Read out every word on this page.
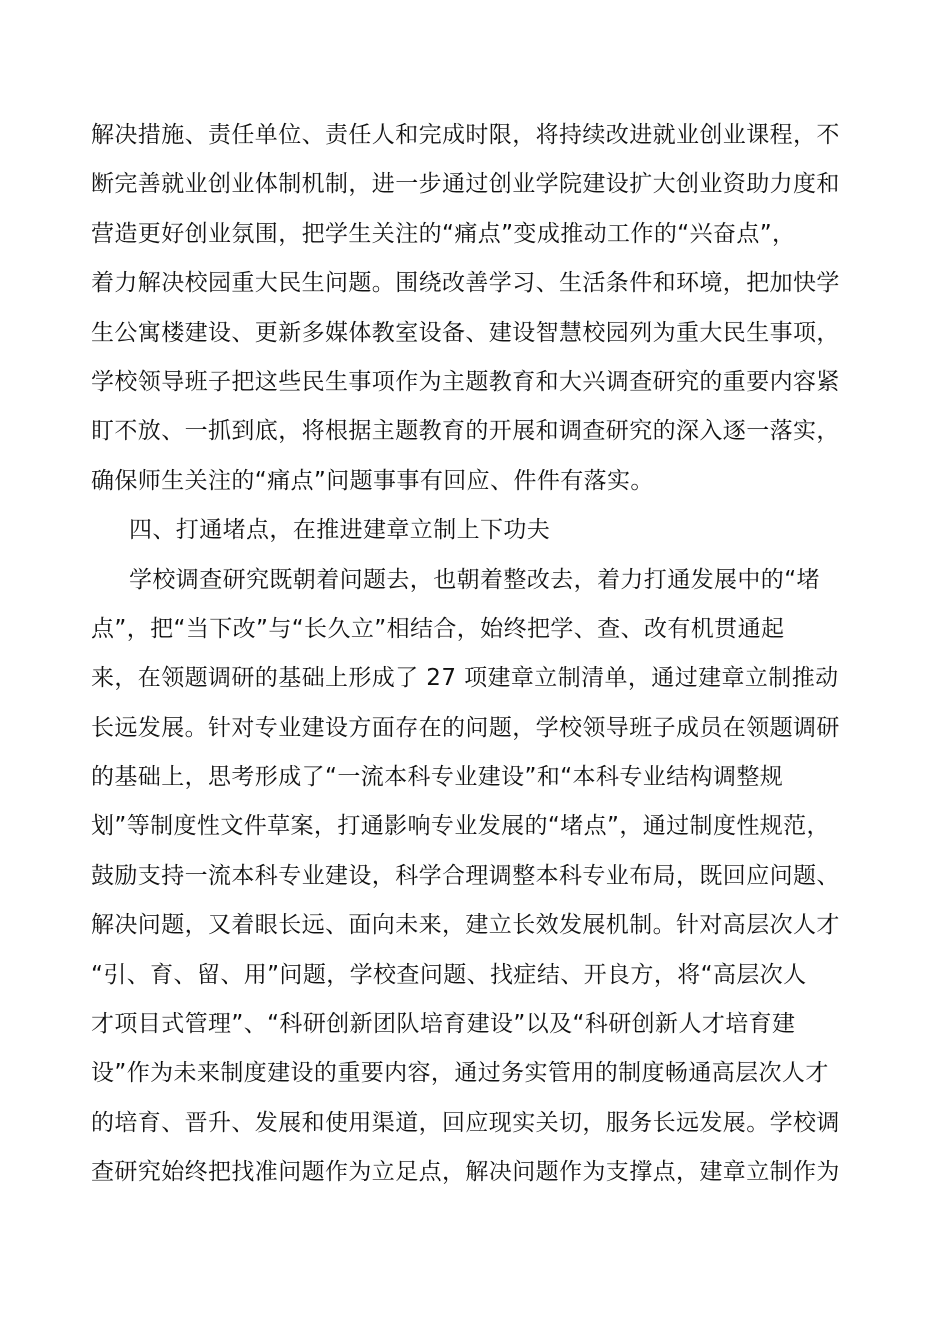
解决措施、责任单位、责任人和完成时限，将持续改进就业创业课程，不
断完善就业创业体制机制，进一步通过创业学院建设扩大创业资助力度和
营造更好创业氛围，把学生关注的“痛点”变成推动工作的“兴奋点”，
着力解决校园重大民生问题。围绕改善学习、生活条件和环境，把加快学
生公寓楼建设、更新多媒体教室设备、建设智慧校园列为重大民生事项，
学校领导班子把这些民生事项作为主题教育和大兴调查研究的重要内容紧
盯不放、一抓到底，将根据主题教育的开展和调查研究的深入逐一落实，
确保师生关注的“痛点”问题事事有回应、件件有落实。
四、打通堵点，在推进建章立制上下功夫
学校调查研究既朝着问题去，也朝着整改去，着力打通发展中的“堵
点”，把“当下改”与“长久立”相结合，始终把学、查、改有机贯通起
来，在领题调研的基础上形成了 27 项建章立制清单，通过建章立制推动
长远发展。针对专业建设方面存在的问题，学校领导班子成员在领题调研
的基础上，思考形成了“一流本科专业建设”和“本科专业结构调整规
划”等制度性文件草案，打通影响专业发展的“堵点”，通过制度性规范，
鼓励支持一流本科专业建设，科学合理调整本科专业布局，既回应问题、
解决问题，又着眼长远、面向未来，建立长效发展机制。针对高层次人才
“引、育、留、用”问题，学校查问题、找症结、开良方，将“高层次人
才项目式管理”、“科研创新团队培育建设”以及“科研创新人才培育建
设”作为未来制度建设的重要内容，通过务实管用的制度畅通高层次人才
的培育、晋升、发展和使用渠道，回应现实关切，服务长远发展。学校调
查研究始终把找准问题作为立足点，解决问题作为支撑点，建章立制作为
